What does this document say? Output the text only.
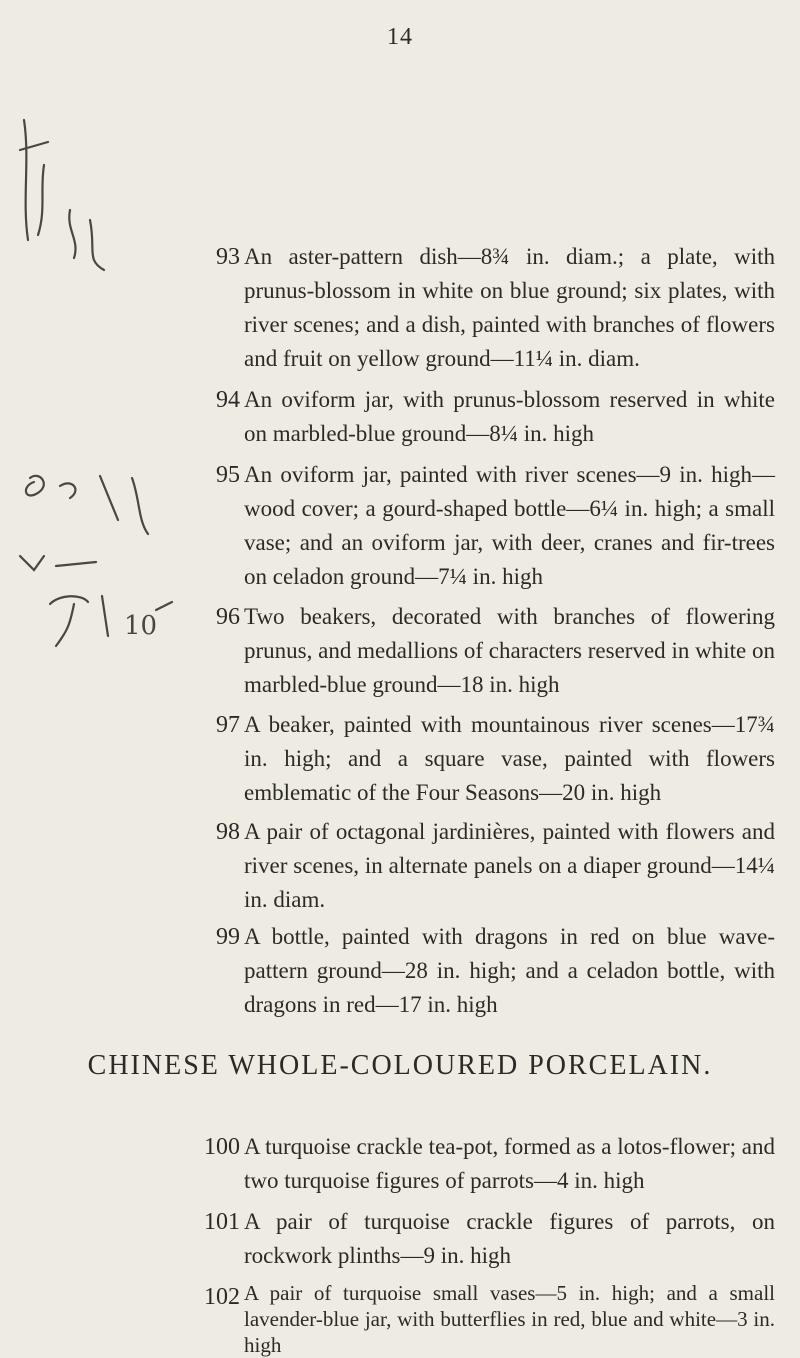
14
10
93 An aster-pattern dish—8¾ in. diam.; a plate, with prunus-blossom in white on blue ground; six plates, with river scenes; and a dish, painted with branches of flowers and fruit on yellow ground—11¼ in. diam.
94 An oviform jar, with prunus-blossom reserved in white on marbled-blue ground—8¼ in. high
95 An oviform jar, painted with river scenes—9 in. high—wood cover; a gourd-shaped bottle—6¼ in. high; a small vase; and an oviform jar, with deer, cranes and fir-trees on celadon ground—7¼ in. high
96 Two beakers, decorated with branches of flowering prunus, and medallions of characters reserved in white on marbled-blue ground—18 in. high
97 A beaker, painted with mountainous river scenes—17¾ in. high; and a square vase, painted with flowers emblematic of the Four Seasons—20 in. high
98 A pair of octagonal jardinières, painted with flowers and river scenes, in alternate panels on a diaper ground—14¼ in. diam.
99 A bottle, painted with dragons in red on blue wave-pattern ground—28 in. high; and a celadon bottle, with dragons in red—17 in. high
CHINESE WHOLE-COLOURED PORCELAIN.
100 A turquoise crackle tea-pot, formed as a lotos-flower; and two turquoise figures of parrots—4 in. high
101 A pair of turquoise crackle figures of parrots, on rockwork plinths—9 in. high
102 A pair of turquoise small vases—5 in. high; and a small lavender-blue jar, with butterflies in red, blue and white—3 in. high
